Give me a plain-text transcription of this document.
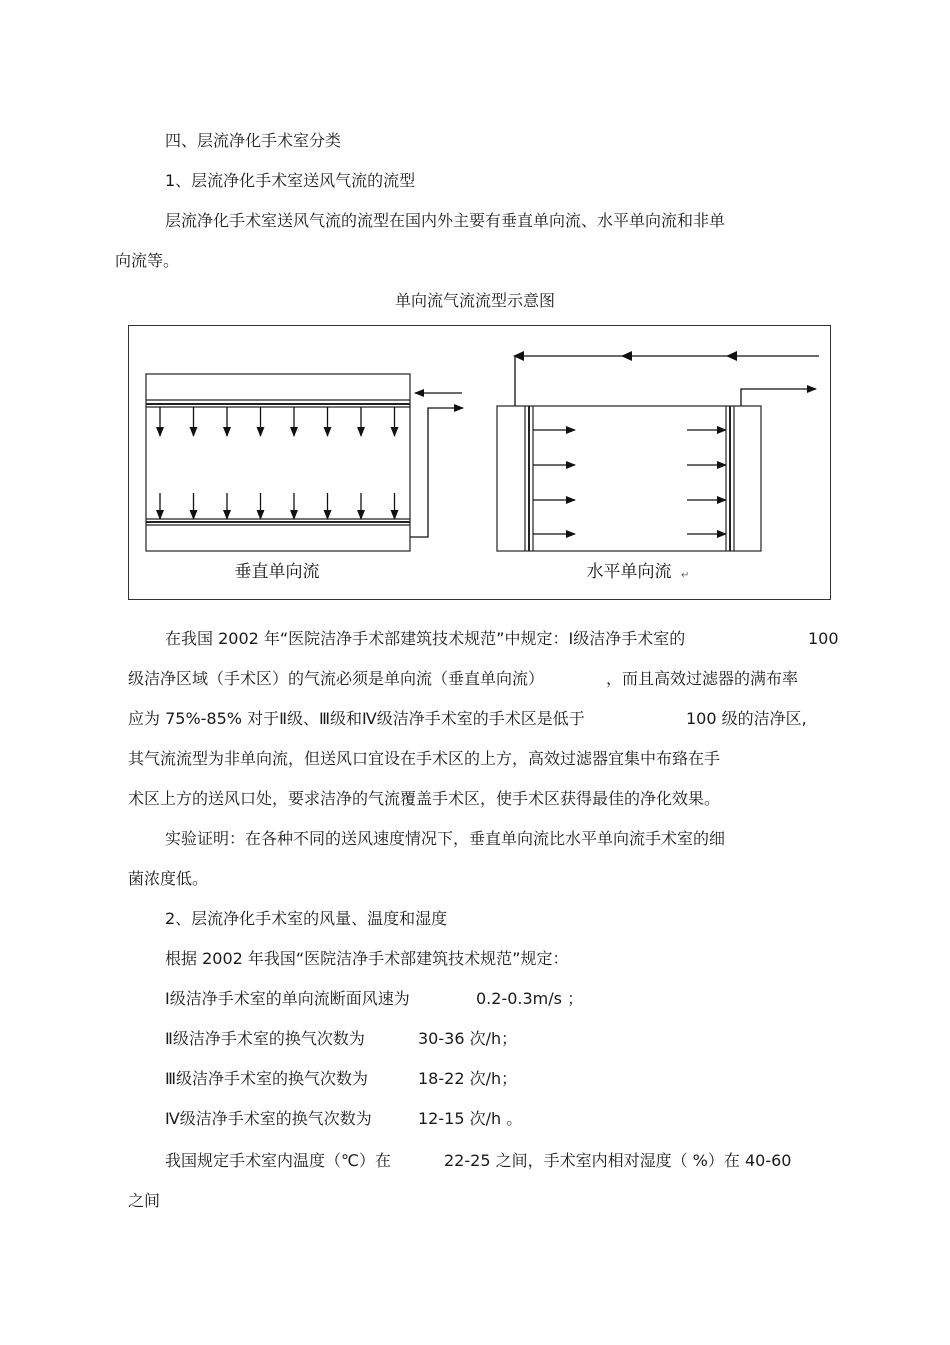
四、层流净化手术室分类
1、层流净化手术室送风气流的流型
层流净化手术室送风气流的流型在国内外主要有垂直单向流、水平单向流和非单
向流等。
单向流气流流型示意图
垂直单向流	水平单向流 ↵
在我国 2002 年“医院洁净手术部建筑技术规范”中规定：Ⅰ级洁净手术室的	100
级洁净区域（手术区）的气流必须是单向流（垂直单向流）	，而且高效过滤器的满布率
应为 75%-85% 对于Ⅱ级、Ⅲ级和Ⅳ级洁净手术室的手术区是低于	100 级的洁净区,
其气流流型为非单向流，但送风口宜设在手术区的上方，高效过滤器宜集中布臵在手
术区上方的送风口处，要求洁净的气流覆盖手术区，使手术区获得最佳的净化效果。
实验证明：在各种不同的送风速度情况下，垂直单向流比水平单向流手术室的细
菌浓度低。
2、层流净化手术室的风量、温度和湿度
根据 2002 年我国“医院洁净手术部建筑技术规范”规定：
Ⅰ级洁净手术室的单向流断面风速为	0.2-0.3m/s ；
Ⅱ级洁净手术室的换气次数为	30-36 次/h；
Ⅲ级洁净手术室的换气次数为	18-22 次/h；
Ⅳ级洁净手术室的换气次数为	12-15 次/h 。
我国规定手术室内温度（℃）在	22-25 之间，手术室内相对湿度（ %）在 40-60
之间
